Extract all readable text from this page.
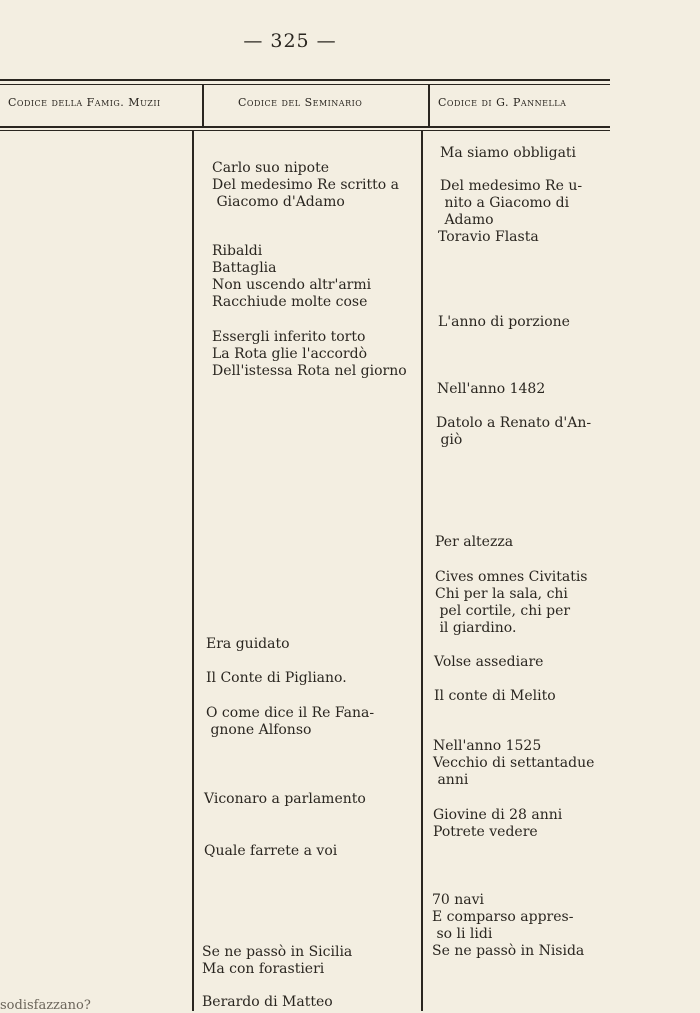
— 325 —
Codice della Famig. Muzii	Codice del Seminario	Codice di G. Pannella
Carlo suo nipote
Del medesimo Re scritto a
Giacomo d'Adamo
Ribaldi
Battaglia
Non uscendo altr'armi
Racchiude molte cose
Essergli inferito torto
La Rota glie l'accordò
Dell'istessa Rota nel giorno
Era guidato
Il Conte di Pigliano.
O come dice il Re Fana-
gnone Alfonso
Viconaro a parlamento
Quale farrete a voi
Se ne passò in Sicilia
Ma con forastieri
Berardo di Matteo
Ma siamo obbligati
Del medesimo Re u-
nito a Giacomo di
Adamo
Toravio Flasta
L'anno di porzione
Nell'anno 1482
Datolo a Renato d'An-
giò
Per altezza
Cives omnes Civitatis
Chi per la sala, chi
pel cortile, chi per
il giardino.
Volse assediare
Il conte di Melito
Nell'anno 1525
Vecchio di settantadue
anni
Giovine di 28 anni
Potrete vedere
70 navi
E comparso appres-
so li lidi
Se ne passò in Nisida
sodisfazzano?
